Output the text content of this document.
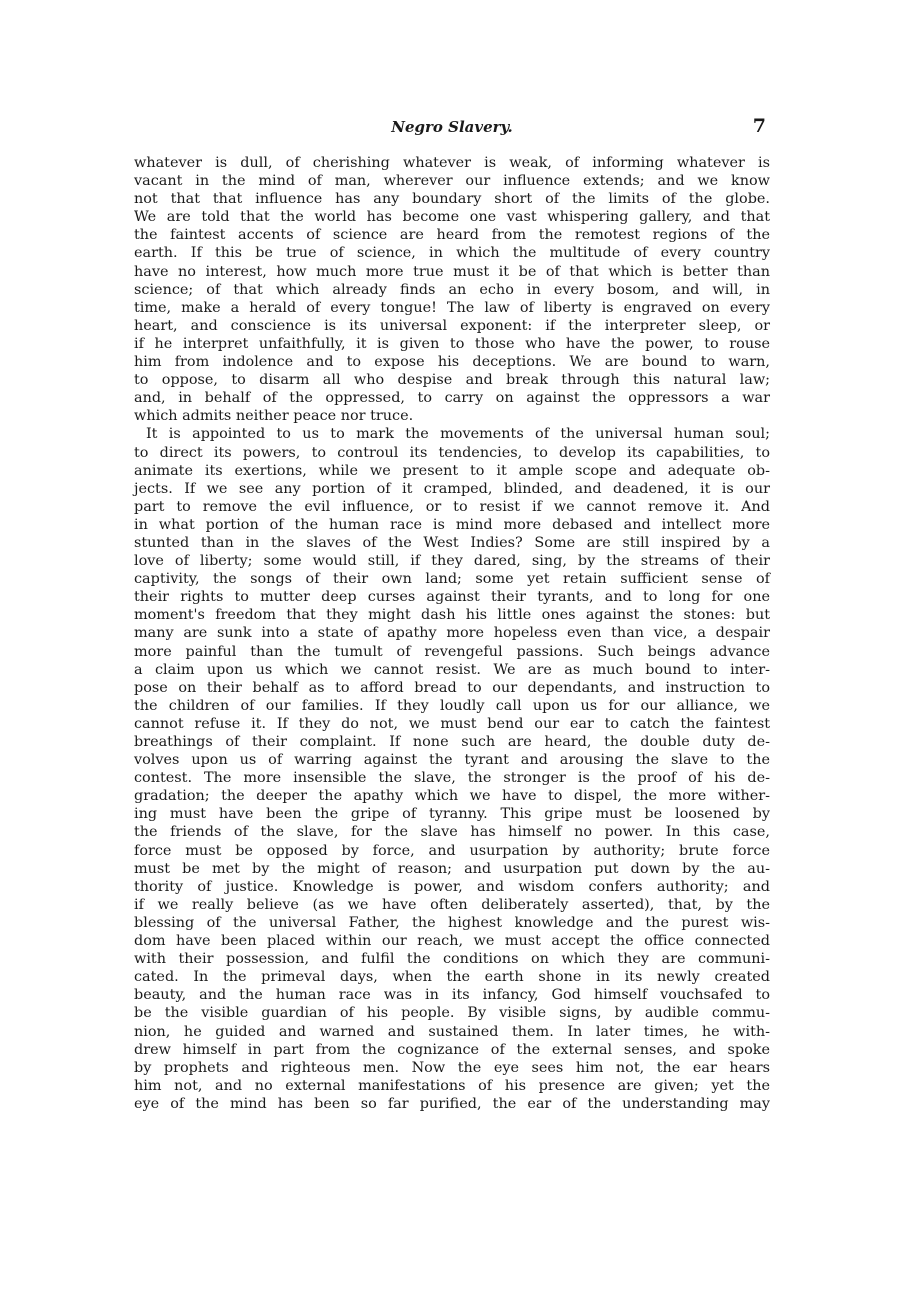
Negro Slavery.	7
whatever is dull, of cherishing whatever is weak, of informing whatever is
vacant in the mind of man, wherever our influence extends; and we know
not that that influence has any boundary short of the limits of the globe.
We are told that the world has become one vast whispering gallery, and that
the faintest accents of science are heard from the remotest regions of the
earth. If this be true of science, in which the multitude of every country
have no interest, how much more true must it be of that which is better than
science; of that which already finds an echo in every bosom, and will, in
time, make a herald of every tongue! The law of liberty is engraved on every
heart, and conscience is its universal exponent: if the interpreter sleep, or
if he interpret unfaithfully, it is given to those who have the power, to rouse
him from indolence and to expose his deceptions. We are bound to warn,
to oppose, to disarm all who despise and break through this natural law;
and, in behalf of the oppressed, to carry on against the oppressors a war
which admits neither peace nor truce.
It is appointed to us to mark the movements of the universal human soul;
to direct its powers, to controul its tendencies, to develop its capabilities, to
animate its exertions, while we present to it ample scope and adequate ob-
jects. If we see any portion of it cramped, blinded, and deadened, it is our
part to remove the evil influence, or to resist if we cannot remove it. And
in what portion of the human race is mind more debased and intellect more
stunted than in the slaves of the West Indies? Some are still inspired by a
love of liberty; some would still, if they dared, sing, by the streams of their
captivity, the songs of their own land; some yet retain sufficient sense of
their rights to mutter deep curses against their tyrants, and to long for one
moment's freedom that they might dash his little ones against the stones: but
many are sunk into a state of apathy more hopeless even than vice, a despair
more painful than the tumult of revengeful passions. Such beings advance
a claim upon us which we cannot resist. We are as much bound to inter-
pose on their behalf as to afford bread to our dependants, and instruction to
the children of our families. If they loudly call upon us for our alliance, we
cannot refuse it. If they do not, we must bend our ear to catch the faintest
breathings of their complaint. If none such are heard, the double duty de-
volves upon us of warring against the tyrant and arousing the slave to the
contest. The more insensible the slave, the stronger is the proof of his de-
gradation; the deeper the apathy which we have to dispel, the more wither-
ing must have been the gripe of tyranny. This gripe must be loosened by
the friends of the slave, for the slave has himself no power. In this case,
force must be opposed by force, and usurpation by authority; brute force
must be met by the might of reason; and usurpation put down by the au-
thority of justice. Knowledge is power, and wisdom confers authority; and
if we really believe (as we have often deliberately asserted), that, by the
blessing of the universal Father, the highest knowledge and the purest wis-
dom have been placed within our reach, we must accept the office connected
with their possession, and fulfil the conditions on which they are communi-
cated. In the primeval days, when the earth shone in its newly created
beauty, and the human race was in its infancy, God himself vouchsafed to
be the visible guardian of his people. By visible signs, by audible commu-
nion, he guided and warned and sustained them. In later times, he with-
drew himself in part from the cognizance of the external senses, and spoke
by prophets and righteous men. Now the eye sees him not, the ear hears
him not, and no external manifestations of his presence are given; yet the
eye of the mind has been so far purified, the ear of the understanding may
